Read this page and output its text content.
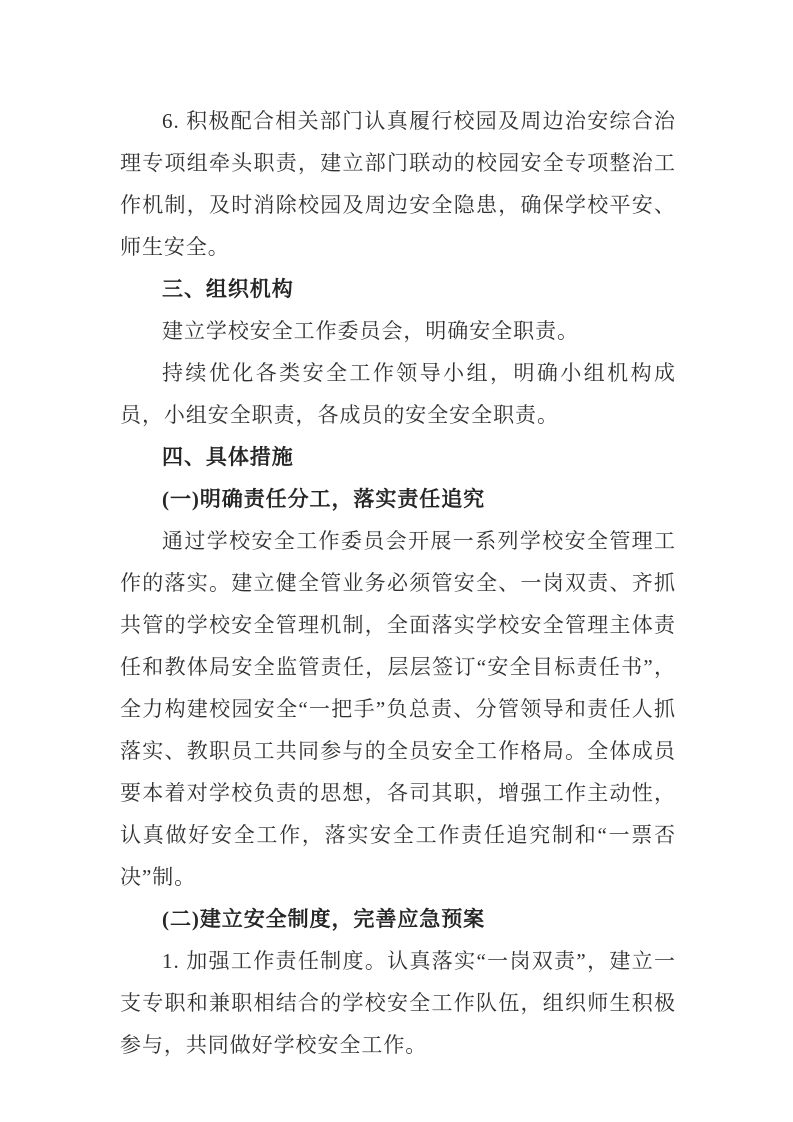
6. 积极配合相关部门认真履行校园及周边治安综合治理专项组牵头职责，建立部门联动的校园安全专项整治工作机制，及时消除校园及周边安全隐患，确保学校平安、师生安全。

三、组织机构

建立学校安全工作委员会，明确安全职责。

持续优化各类安全工作领导小组，明确小组机构成员，小组安全职责，各成员的安全安全职责。

四、具体措施

(一)明确责任分工，落实责任追究

通过学校安全工作委员会开展一系列学校安全管理工作的落实。建立健全管业务必须管安全、一岗双责、齐抓共管的学校安全管理机制，全面落实学校安全管理主体责任和教体局安全监管责任，层层签订“安全目标责任书”，全力构建校园安全“一把手”负总责、分管领导和责任人抓落实、教职员工共同参与的全员安全工作格局。全体成员要本着对学校负责的思想，各司其职，增强工作主动性，认真做好安全工作，落实安全工作责任追究制和“一票否决”制。

(二)建立安全制度，完善应急预案

1. 加强工作责任制度。认真落实“一岗双责”，建立一支专职和兼职相结合的学校安全工作队伍，组织师生积极参与，共同做好学校安全工作。
